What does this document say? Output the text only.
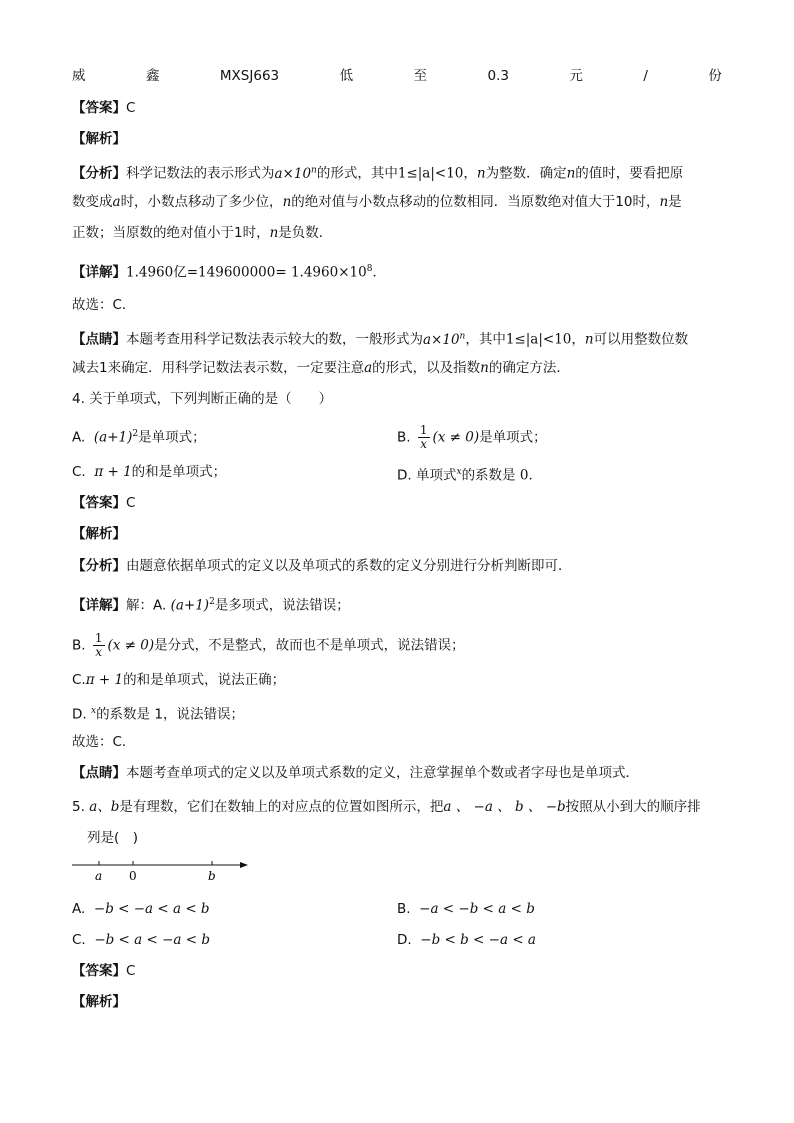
威	鑫	MXSJ663	低	至	0.3	元	/	份
【答案】C
【解析】
【分析】科学记数法的表示形式为$a\times 10^n$的形式，其中1≤|a|<10，n为整数．确定n的值时，要看把原
数变成a时，小数点移动了多少位，n的绝对值与小数点移动的位数相同．当原数绝对值大于10时，n是
正数；当原数的绝对值小于1时，n是负数．
【详解】1.4960亿$=149600000= 1.4960\times 10^8$．
故选：C．
【点睛】本题考查用科学记数法表示较大的数，一般形式为$a\times 10^n$，其中1≤|a|<10，n可以用整数位数
减去1来确定．用科学记数法表示数，一定要注意a的形式，以及指数n的确定方法．
4. 关于单项式，下列判断正确的是（　　）
A. $(a+1)^2$是单项式；	B. $\frac{1}{x} (x \ne 0)$是单项式；
C. π + 1的和是单项式；	D. 单项式$^x$的系数是 0．
【答案】C
【解析】
【分析】由题意依据单项式的定义以及单项式的系数的定义分别进行分析判断即可．
【详解】解：A. $(a+1)^2$是多项式，说法错误；
B. $\frac{1}{x} (x \ne 0)$是分式，不是整式，故而也不是单项式，说法错误；
C.π + 1的和是单项式，说法正确；
D. $^x$的系数是 1，说法错误；
故选：C．
【点睛】本题考查单项式的定义以及单项式系数的定义，注意掌握单个数或者字母也是单项式．
5. a、b是有理数，它们在数轴上的对应点的位置如图所示，把a 、 −a 、 b 、 −b按照从小到大的顺序排
列是(　)
a 0	b
A. −b < −a < a < b	B. −a < −b < a < b
C. −b < a < −a < b	D. −b < b < −a < a
【答案】C
【解析】
